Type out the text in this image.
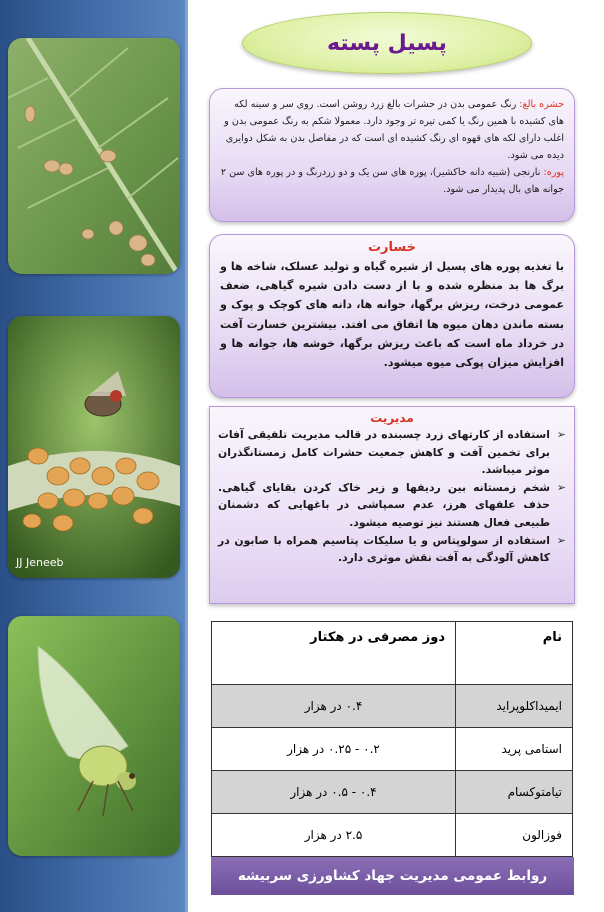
JJ Jeneeb
پسیل پسته
حشره بالغ: رنگ عمومی بدن در حشرات بالغ زرد روشن است. روی سر و سینه لکه های کشیده با همین رنگ یا کمی تیره تر وجود دارد. معمولا شکم به رنگ عمومی بدن و اغلب دارای لکه های قهوه ای رنگ کشیده ای است که در مفاصل بدن به شکل دوایری دیده می شود.
پوره: نارنجی (شبیه دانه خاکشیر)، پوره های سن یک و دو زردرنگ و در پوره های سن ۲ جوانه های بال پدیدار می شود.
خسارت
با تغذیه پوره های پسیل از شیره گیاه و تولید عسلک، شاخه ها و برگ ها بد منظره شده و با از دست دادن شیره گیاهی، ضعف عمومی درخت، ریزش برگها، جوانه ها، دانه های کوچک و پوک و بسته ماندن دهان میوه ها اتفاق می افتد. بیشترین خسارت آفت در خرداد ماه است که باعث ریزش برگها، خوشه ها، جوانه ها و افزایش میزان پوکی میوه میشود.
مدیریت
➢
استفاده از کارتهای زرد چسبنده در قالب مدیریت تلفیقی آفات برای تخمین آفت و کاهش جمعیت حشرات کامل زمستانگذران موثر میباشد.
➢
شخم زمستانه بین ردیفها و زیر خاک کردن بقایای گیاهی. حذف علفهای هرز، عدم سمپاشی در باغهایی که دشمنان طبیعی فعال هستند نیز توصیه میشود.
➢
استفاده از سولوپتاس و یا سلیکات پتاسیم همراه با صابون در کاهش آلودگی به آفت نقش موثری دارد.
نام	دوز مصرفی در هکتار
ایمیداکلوپراید	۰.۴ در هزار
استامی پرید	۰.۲ - ۰.۲۵ در هزار
تیامتوکسام	۰.۴ - ۰.۵ در هزار
فوزالون	۲.۵ در هزار
روابط عمومی مدیریت جهاد کشاورزی سربیشه
